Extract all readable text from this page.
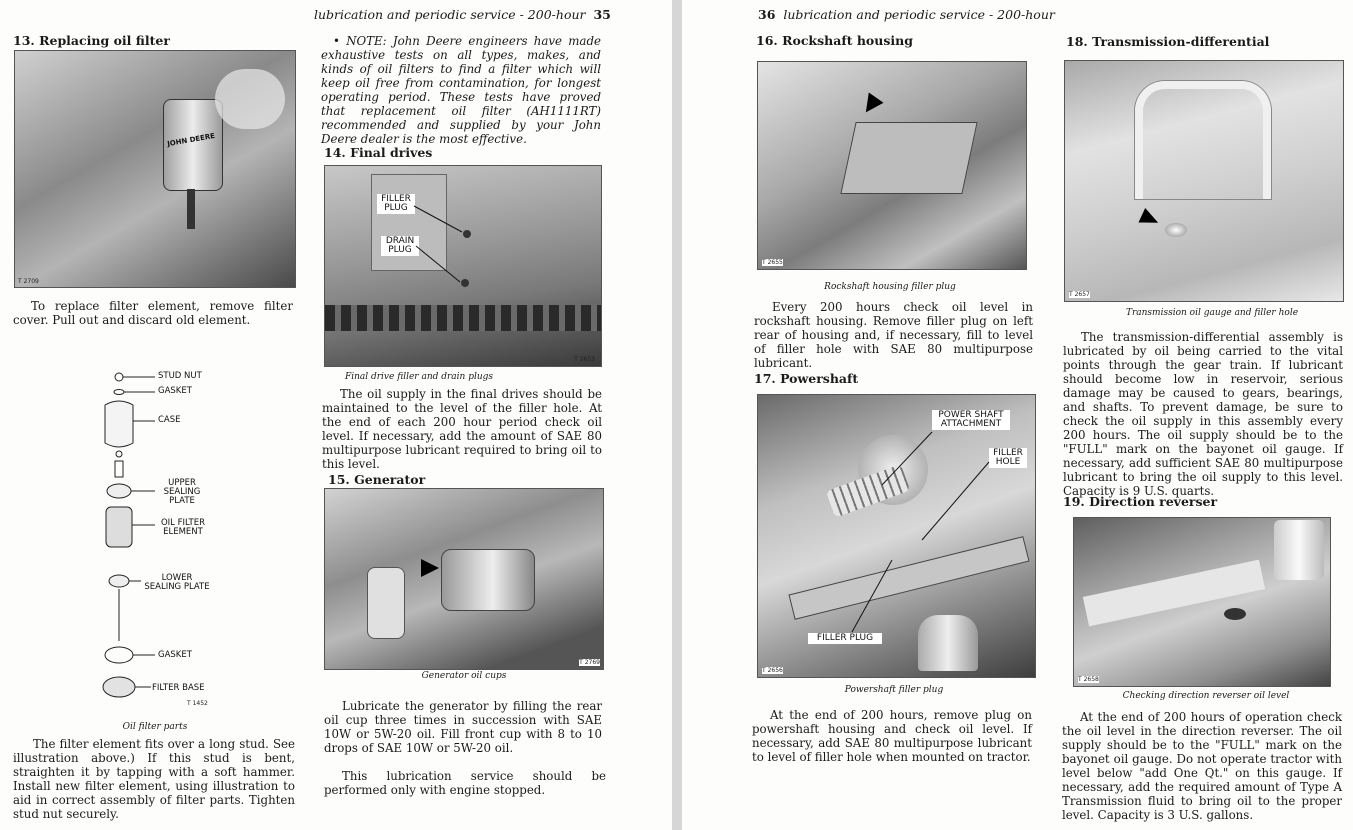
lubrication and periodic service - 200-hour 35
13. Replacing oil filter
JOHN DEERE
T 2709
To replace filter element, remove filter cover. Pull out and discard old element.
STUD NUT
GASKET
CASE
UPPER SEALING PLATE
OIL FILTER ELEMENT
LOWER SEALING PLATE
GASKET
FILTER BASE
T 1452
Oil filter parts
The filter element fits over a long stud. See illustration above.) If this stud is bent, straighten it by tapping with a soft hammer. Install new filter element, using illustration to aid in correct assembly of filter parts. Tighten stud nut securely.
• NOTE: John Deere engineers have made exhaustive tests on all types, makes, and kinds of oil filters to find a filter which will keep oil free from contamination, for longest operating period. These tests have proved that replacement oil filter (AH1111RT) recommended and supplied by your John Deere dealer is the most effective.
14. Final drives
T 2653
FILLER PLUG
DRAIN PLUG
Final drive filler and drain plugs
The oil supply in the final drives should be maintained to the level of the filler hole. At the end of each 200 hour period check oil level. If necessary, add the amount of SAE 80 multipurpose lubricant required to bring oil to this level.
15. Generator
T 2769
Generator oil cups
Lubricate the generator by filling the rear oil cup three times in succession with SAE 10W or 5W-20 oil. Fill front cup with 8 to 10 drops of SAE 10W or 5W-20 oil.
This lubrication service should be performed only with engine stopped.
36 lubrication and periodic service - 200-hour
16. Rockshaft housing
T 2655
Rockshaft housing filler plug
Every 200 hours check oil level in rockshaft housing. Remove filler plug on left rear of housing and, if necessary, fill to level of filler hole with SAE 80 multipurpose lubricant.
17. Powershaft
T 2656
POWER SHAFT ATTACHMENT
FILLER HOLE
FILLER PLUG
Powershaft filler plug
At the end of 200 hours, remove plug on powershaft housing and check oil level. If necessary, add SAE 80 multipurpose lubricant to level of filler hole when mounted on tractor.
18. Transmission-differential
T 2657
Transmission oil gauge and filler hole
The transmission-differential assembly is lubricated by oil being carried to the vital points through the gear train. If lubricant should become low in reservoir, serious damage may be caused to gears, bearings, and shafts. To prevent damage, be sure to check the oil supply in this assembly every 200 hours. The oil supply should be to the "FULL" mark on the bayonet oil gauge. If necessary, add sufficient SAE 80 multipurpose lubricant to bring the oil supply to this level. Capacity is 9 U.S. quarts.
19. Direction reverser
T 2658
Checking direction reverser oil level
At the end of 200 hours of operation check the oil level in the direction reverser. The oil supply should be to the "FULL" mark on the bayonet oil gauge. Do not operate tractor with level below "add One Qt." on this gauge. If necessary, add the required amount of Type A Transmission fluid to bring oil to the proper level. Capacity is 3 U.S. gallons.
